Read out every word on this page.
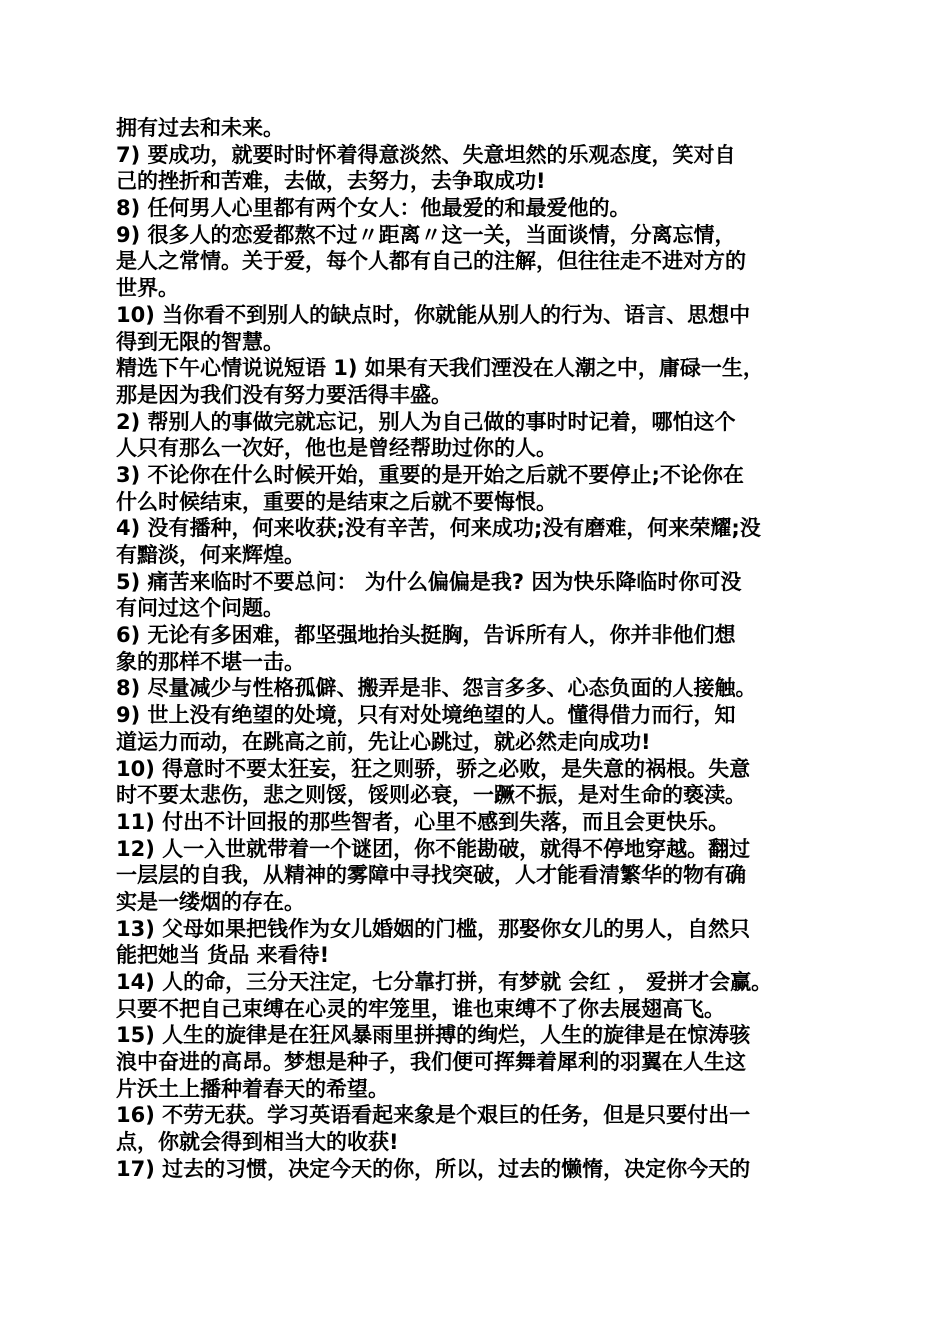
拥有过去和未来。
7) 要成功，就要时时怀着得意淡然、失意坦然的乐观态度，笑对自
己的挫折和苦难，去做，去努力，去争取成功!
8) 任何男人心里都有两个女人：他最爱的和最爱他的。
9) 很多人的恋爱都熬不过〃距离〃这一关，当面谈情，分离忘情，
是人之常情。关于爱，每个人都有自己的注解，但往往走不进对方的
世界。
10) 当你看不到别人的缺点时，你就能从别人的行为、语言、思想中
得到无限的智慧。
精选下午心情说说短语 1) 如果有天我们湮没在人潮之中，庸碌一生，
那是因为我们没有努力要活得丰盛。
2) 帮别人的事做完就忘记，别人为自己做的事时时记着，哪怕这个
人只有那么一次好，他也是曾经帮助过你的人。
3) 不论你在什么时候开始，重要的是开始之后就不要停止;不论你在
什么时候结束，重要的是结束之后就不要悔恨。
4) 没有播种，何来收获;没有辛苦，何来成功;没有磨难，何来荣耀;没
有黯淡，何来辉煌。
5) 痛苦来临时不要总问： 为什么偏偏是我? 因为快乐降临时你可没
有问过这个问题。
6) 无论有多困难，都坚强地抬头挺胸，告诉所有人，你并非他们想
象的那样不堪一击。
8) 尽量减少与性格孤僻、搬弄是非、怨言多多、心态负面的人接触。
9) 世上没有绝望的处境，只有对处境绝望的人。懂得借力而行，知
道运力而动，在跳高之前，先让心跳过，就必然走向成功!
10) 得意时不要太狂妄，狂之则骄，骄之必败，是失意的祸根。失意
时不要太悲伤，悲之则馁，馁则必衰，一蹶不振，是对生命的亵渎。
11) 付出不计回报的那些智者，心里不感到失落，而且会更快乐。
12) 人一入世就带着一个谜团，你不能勘破，就得不停地穿越。翻过
一层层的自我，从精神的雾障中寻找突破，人才能看清繁华的物有确
实是一缕烟的存在。
13) 父母如果把钱作为女儿婚姻的门槛，那娶你女儿的男人，自然只
能把她当 货品 来看待!
14) 人的命，三分天注定，七分靠打拼，有梦就 会红 ， 爱拼才会赢。
只要不把自己束缚在心灵的牢笼里，谁也束缚不了你去展翅高飞。
15) 人生的旋律是在狂风暴雨里拼搏的绚烂，人生的旋律是在惊涛骇
浪中奋进的高昂。梦想是种子，我们便可挥舞着犀利的羽翼在人生这
片沃土上播种着春天的希望。
16) 不劳无获。学习英语看起来象是个艰巨的任务，但是只要付出一
点，你就会得到相当大的收获!
17) 过去的习惯，决定今天的你，所以，过去的懒惰，决定你今天的
